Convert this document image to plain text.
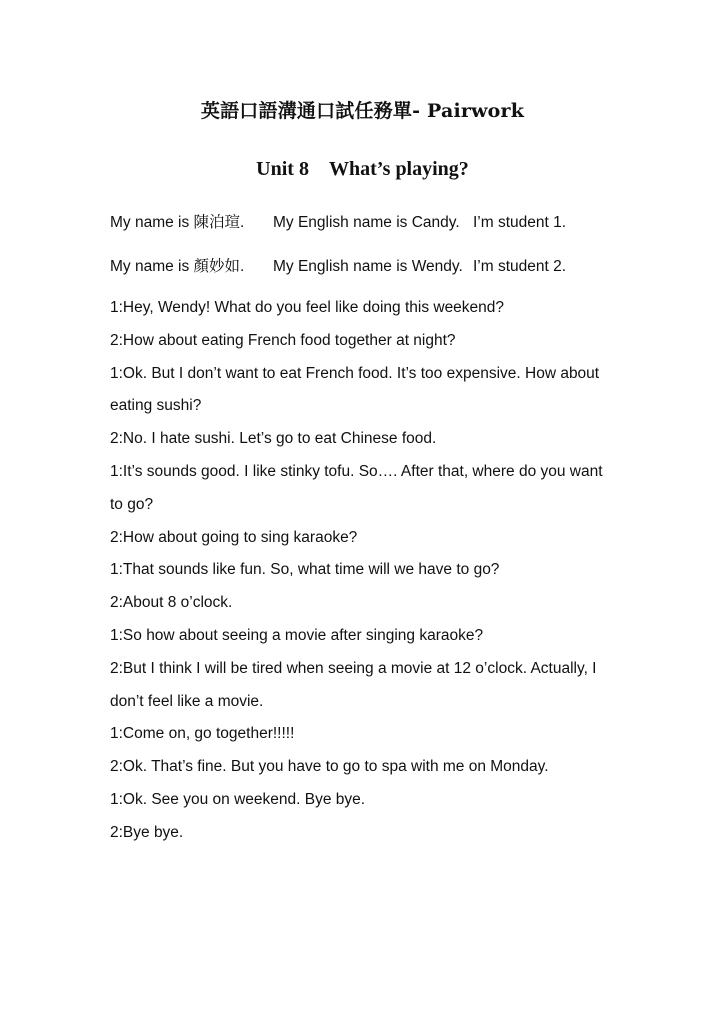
英語口語溝通口試任務單- Pairwork
Unit 8　What’s playing?
My name is 陳泊瑄. My English name is Candy. I’m student 1.
My name is 顏妙如. My English name is Wendy. I’m student 2.
1:Hey, Wendy! What do you feel like doing this weekend?
2:How about eating French food together at night?
1:Ok. But I don’t want to eat French food. It’s too expensive. How about eating sushi?
2:No. I hate sushi. Let’s go to eat Chinese food.
1:It’s sounds good. I like stinky tofu. So…. After that, where do you want to go?
2:How about going to sing karaoke?
1:That sounds like fun. So, what time will we have to go?
2:About 8 o’clock.
1:So how about seeing a movie after singing karaoke?
2:But I think I will be tired when seeing a movie at 12 o’clock. Actually, I don’t feel like a movie.
1:Come on, go together!!!!!
2:Ok. That’s fine. But you have to go to spa with me on Monday.
1:Ok. See you on weekend. Bye bye.
2:Bye bye.
